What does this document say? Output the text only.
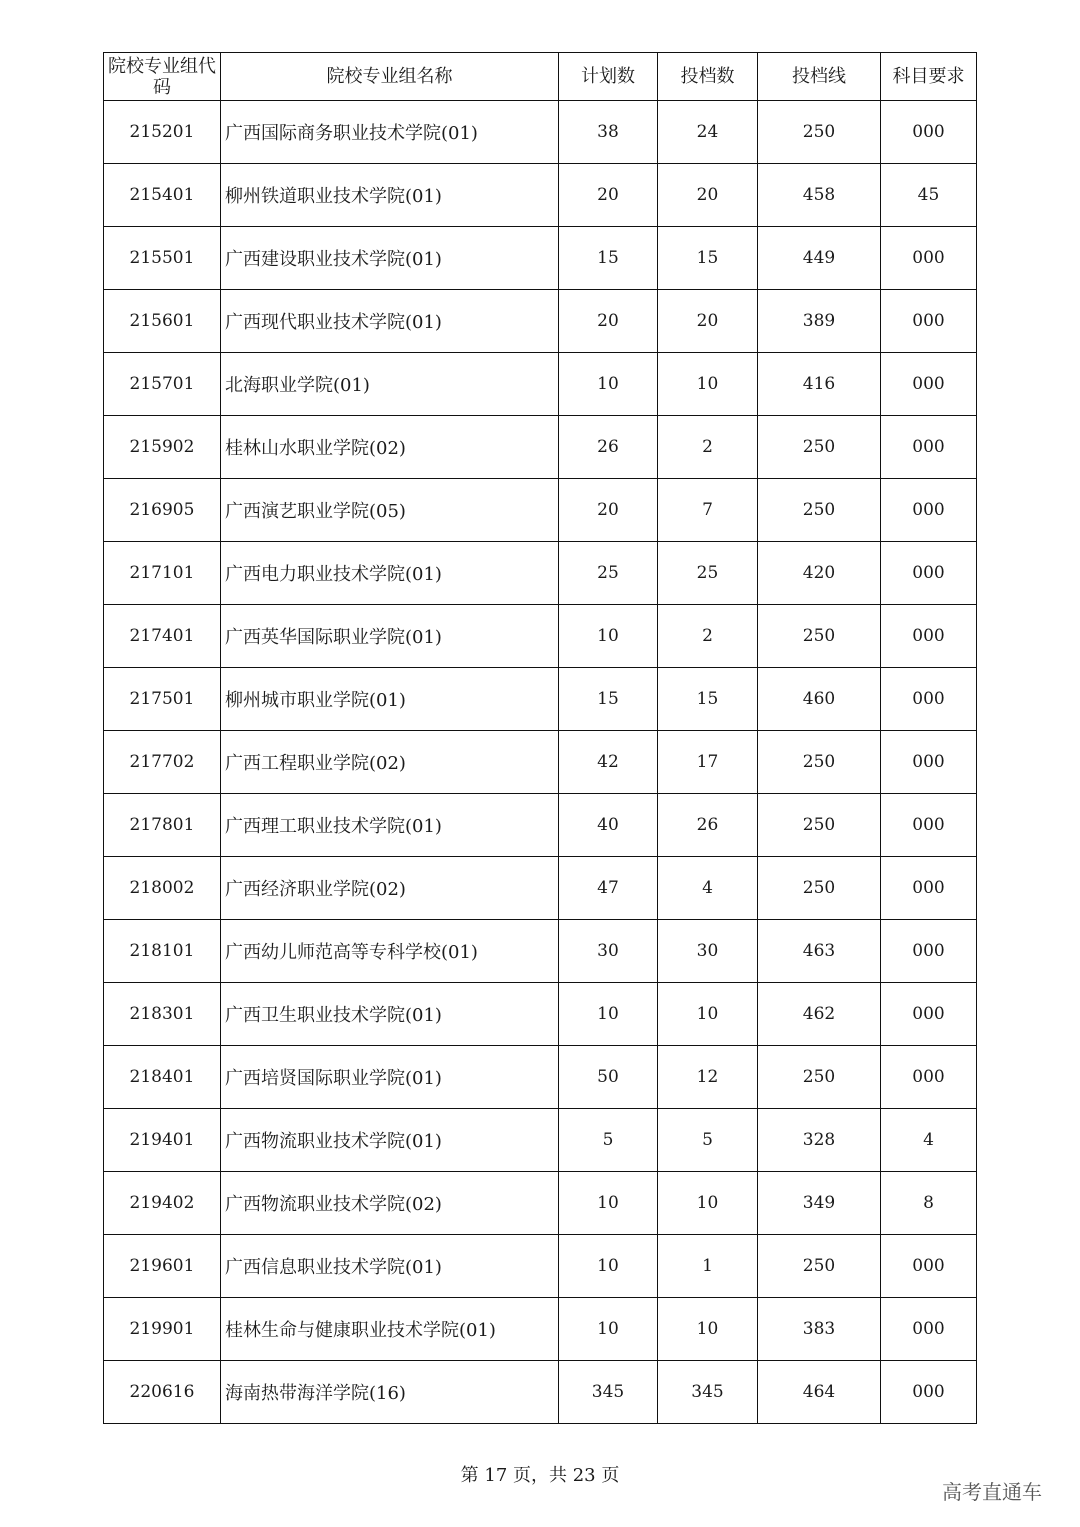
院校专业组代码	院校专业组名称	计划数	投档数	投档线	科目要求
215201	广西国际商务职业技术学院(01)	38	24	250	000
215401	柳州铁道职业技术学院(01)	20	20	458	45
215501	广西建设职业技术学院(01)	15	15	449	000
215601	广西现代职业技术学院(01)	20	20	389	000
215701	北海职业学院(01)	10	10	416	000
215902	桂林山水职业学院(02)	26	2	250	000
216905	广西演艺职业学院(05)	20	7	250	000
217101	广西电力职业技术学院(01)	25	25	420	000
217401	广西英华国际职业学院(01)	10	2	250	000
217501	柳州城市职业学院(01)	15	15	460	000
217702	广西工程职业学院(02)	42	17	250	000
217801	广西理工职业技术学院(01)	40	26	250	000
218002	广西经济职业学院(02)	47	4	250	000
218101	广西幼儿师范高等专科学校(01)	30	30	463	000
218301	广西卫生职业技术学院(01)	10	10	462	000
218401	广西培贤国际职业学院(01)	50	12	250	000
219401	广西物流职业技术学院(01)	5	5	328	4
219402	广西物流职业技术学院(02)	10	10	349	8
219601	广西信息职业技术学院(01)	10	1	250	000
219901	桂林生命与健康职业技术学院(01)	10	10	383	000
220616	海南热带海洋学院(16)	345	345	464	000
第 17 页，共 23 页
高考直通车
